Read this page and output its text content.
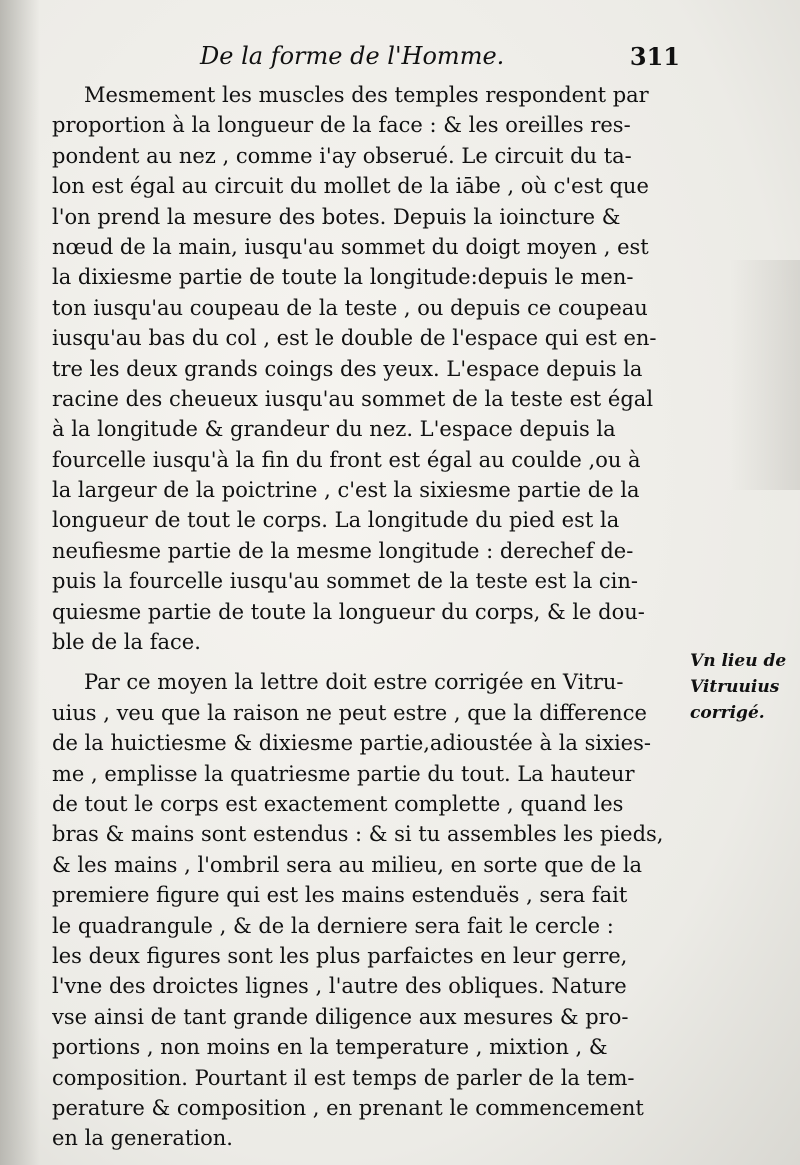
De la forme de l'Homme.	311
Mesmement les muscles des temples respondent par
proportion à la longueur de la face : & les oreilles res-
pondent au nez , comme i'ay obserué. Le circuit du ta-
lon est égal au circuit du mollet de la iābe , où c'est que
l'on prend la mesure des botes. Depuis la ioincture &
nœud de la main, iusqu'au sommet du doigt moyen , est
la dixiesme partie de toute la longitude:depuis le men-
ton iusqu'au coupeau de la teste , ou depuis ce coupeau
iusqu'au bas du col , est le double de l'espace qui est en-
tre les deux grands coings des yeux. L'espace depuis la
racine des cheueux iusqu'au sommet de la teste est égal
à la longitude & grandeur du nez. L'espace depuis la
fourcelle iusqu'à la fin du front est égal au coulde ,ou à
la largeur de la poictrine , c'est la sixiesme partie de la
longueur de tout le corps. La longitude du pied est la
neufiesme partie de la mesme longitude : derechef de-
puis la fourcelle iusqu'au sommet de la teste est la cin-
quiesme partie de toute la longueur du corps, & le dou-
ble de la face.
Par ce moyen la lettre doit estre corrigée en Vitru-
uius , veu que la raison ne peut estre , que la difference
de la huictiesme & dixiesme partie,adioustée à la sixies-
me , emplisse la quatriesme partie du tout. La hauteur
de tout le corps est exactement complette , quand les
bras & mains sont estendus : & si tu assembles les pieds,
& les mains , l'ombril sera au milieu, en sorte que de la
premiere figure qui est les mains estenduës , sera fait
le quadrangule , & de la derniere sera fait le cercle :
les deux figures sont les plus parfaictes en leur gerre,
l'vne des droictes lignes , l'autre des obliques. Nature
vse ainsi de tant grande diligence aux mesures & pro-
portions , non moins en la temperature , mixtion , &
composition. Pourtant il est temps de parler de la tem-
perature & composition , en prenant le commencement
en la generation.
Vn lieu de
Vitruuius
corrigé.
